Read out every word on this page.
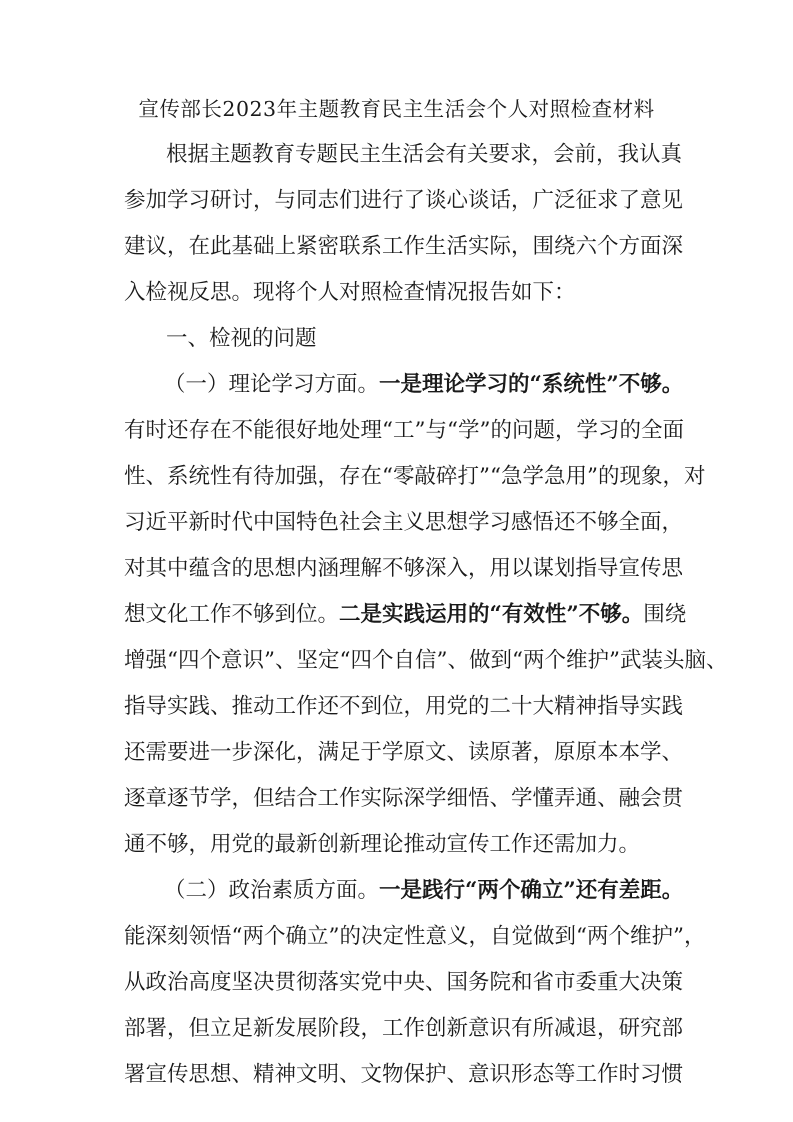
宣传部长2023年主题教育民主生活会个人对照检查材料
根据主题教育专题民主生活会有关要求，会前，我认真
参加学习研讨，与同志们进行了谈心谈话，广泛征求了意见
建议，在此基础上紧密联系工作生活实际，围绕六个方面深
入检视反思。现将个人对照检查情况报告如下：
一、检视的问题
（一）理论学习方面。一是理论学习的“系统性”不够。
有时还存在不能很好地处理“工”与“学”的问题，学习的全面
性、系统性有待加强，存在“零敲碎打”“急学急用”的现象，对
习近平新时代中国特色社会主义思想学习感悟还不够全面，
对其中蕴含的思想内涵理解不够深入，用以谋划指导宣传思
想文化工作不够到位。二是实践运用的“有效性”不够。围绕
增强“四个意识”、坚定“四个自信”、做到“两个维护”武装头脑、
指导实践、推动工作还不到位，用党的二十大精神指导实践
还需要进一步深化，满足于学原文、读原著，原原本本学、
逐章逐节学，但结合工作实际深学细悟、学懂弄通、融会贯
通不够，用党的最新创新理论推动宣传工作还需加力。
（二）政治素质方面。一是践行“两个确立”还有差距。
能深刻领悟“两个确立”的决定性意义，自觉做到“两个维护”，
从政治高度坚决贯彻落实党中央、国务院和省市委重大决策
部署，但立足新发展阶段，工作创新意识有所减退，研究部
署宣传思想、精神文明、文物保护、意识形态等工作时习惯
